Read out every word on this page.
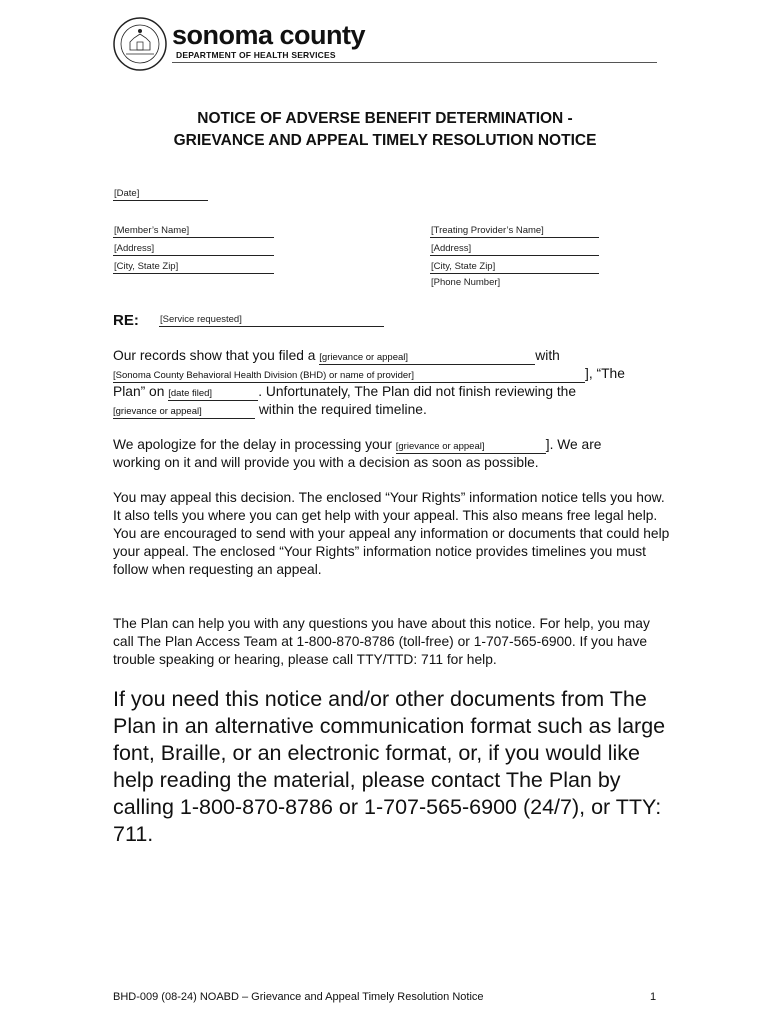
sonoma county
DEPARTMENT OF HEALTH SERVICES
NOTICE OF ADVERSE BENEFIT DETERMINATION -
GRIEVANCE AND APPEAL TIMELY RESOLUTION NOTICE
[Date]
[Member’s Name]
[Address]
[City, State Zip]
[Treating Provider’s Name]
[Address]
[City, State Zip]
[Phone Number]
RE: [Service requested]
Our records show that you filed a [grievance or appeal]	with
[Sonoma County Behavioral Health Division (BHD) or name of provider]	], “The
Plan” on [date filed]	. Unfortunately, The Plan did not finish reviewing the
[grievance or appeal]	within the required timeline.
We apologize for the delay in processing your [grievance or appeal]	]. We are
working on it and will provide you with a decision as soon as possible.
You may appeal this decision. The enclosed “Your Rights” information notice tells you how. It also tells you where you can get help with your appeal. This also means free legal help. You are encouraged to send with your appeal any information or documents that could help your appeal. The enclosed “Your Rights” information notice provides timelines you must follow when requesting an appeal.
The Plan can help you with any questions you have about this notice. For help, you may call The Plan Access Team at 1-800-870-8786 (toll-free) or 1-707-565-6900. If you have trouble speaking or hearing, please call TTY/TTD: 711 for help.
If you need this notice and/or other documents from The Plan in an alternative communication format such as large font, Braille, or an electronic format, or, if you would like help reading the material, please contact The Plan by calling 1-800-870-8786 or 1-707-565-6900 (24/7), or TTY: 711.
BHD-009 (08-24) NOABD – Grievance and Appeal Timely Resolution Notice	1
